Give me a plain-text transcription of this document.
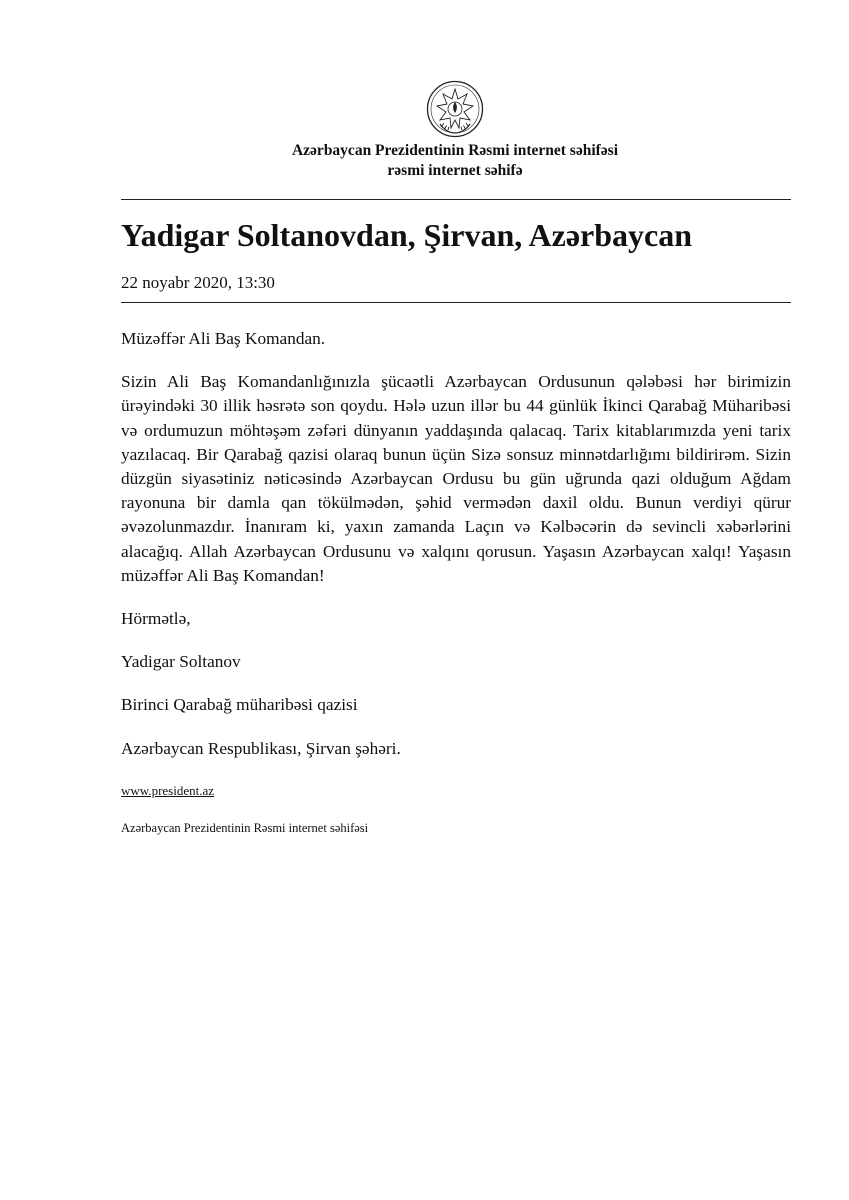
Azərbaycan Prezidentinin Rəsmi internet səhifəsi
rəsmi internet səhifə
Yadigar Soltanovdan, Şirvan, Azərbaycan
22 noyabr 2020, 13:30

Müzəffər Ali Baş Komandan.

Sizin Ali Baş Komandanlığınızla şücaətli Azərbaycan Ordusunun qələbəsi hər birimizin ürəyindəki 30 illik həsrətə son qoydu. Hələ uzun illər bu 44 günlük İkinci Qarabağ Müharibəsi və ordumuzun möhtəşəm zəfəri dünyanın yaddaşında qalacaq. Tarix kitablarımızda yeni tarix yazılacaq. Bir Qarabağ qazisi olaraq bunun üçün Sizə sonsuz minnətdarlığımı bildirirəm. Sizin düzgün siyasətiniz nəticəsində Azərbaycan Ordusu bu gün uğrunda qazi olduğum Ağdam rayonuna bir damla qan tökülmədən, şəhid vermədən daxil oldu. Bunun verdiyi qürur əvəzolunmazdır. İnanıram ki, yaxın zamanda Laçın və Kəlbəcərin də sevincli xəbərlərini alacağıq. Allah Azərbaycan Ordusunu və xalqını qorusun. Yaşasın Azərbaycan xalqı! Yaşasın müzəffər Ali Baş Komandan!

Hörmətlə,

Yadigar Soltanov

Birinci Qarabağ müharibəsi qazisi

Azərbaycan Respublikası, Şirvan şəhəri.

www.president.az
Azərbaycan Prezidentinin Rəsmi internet səhifəsi
